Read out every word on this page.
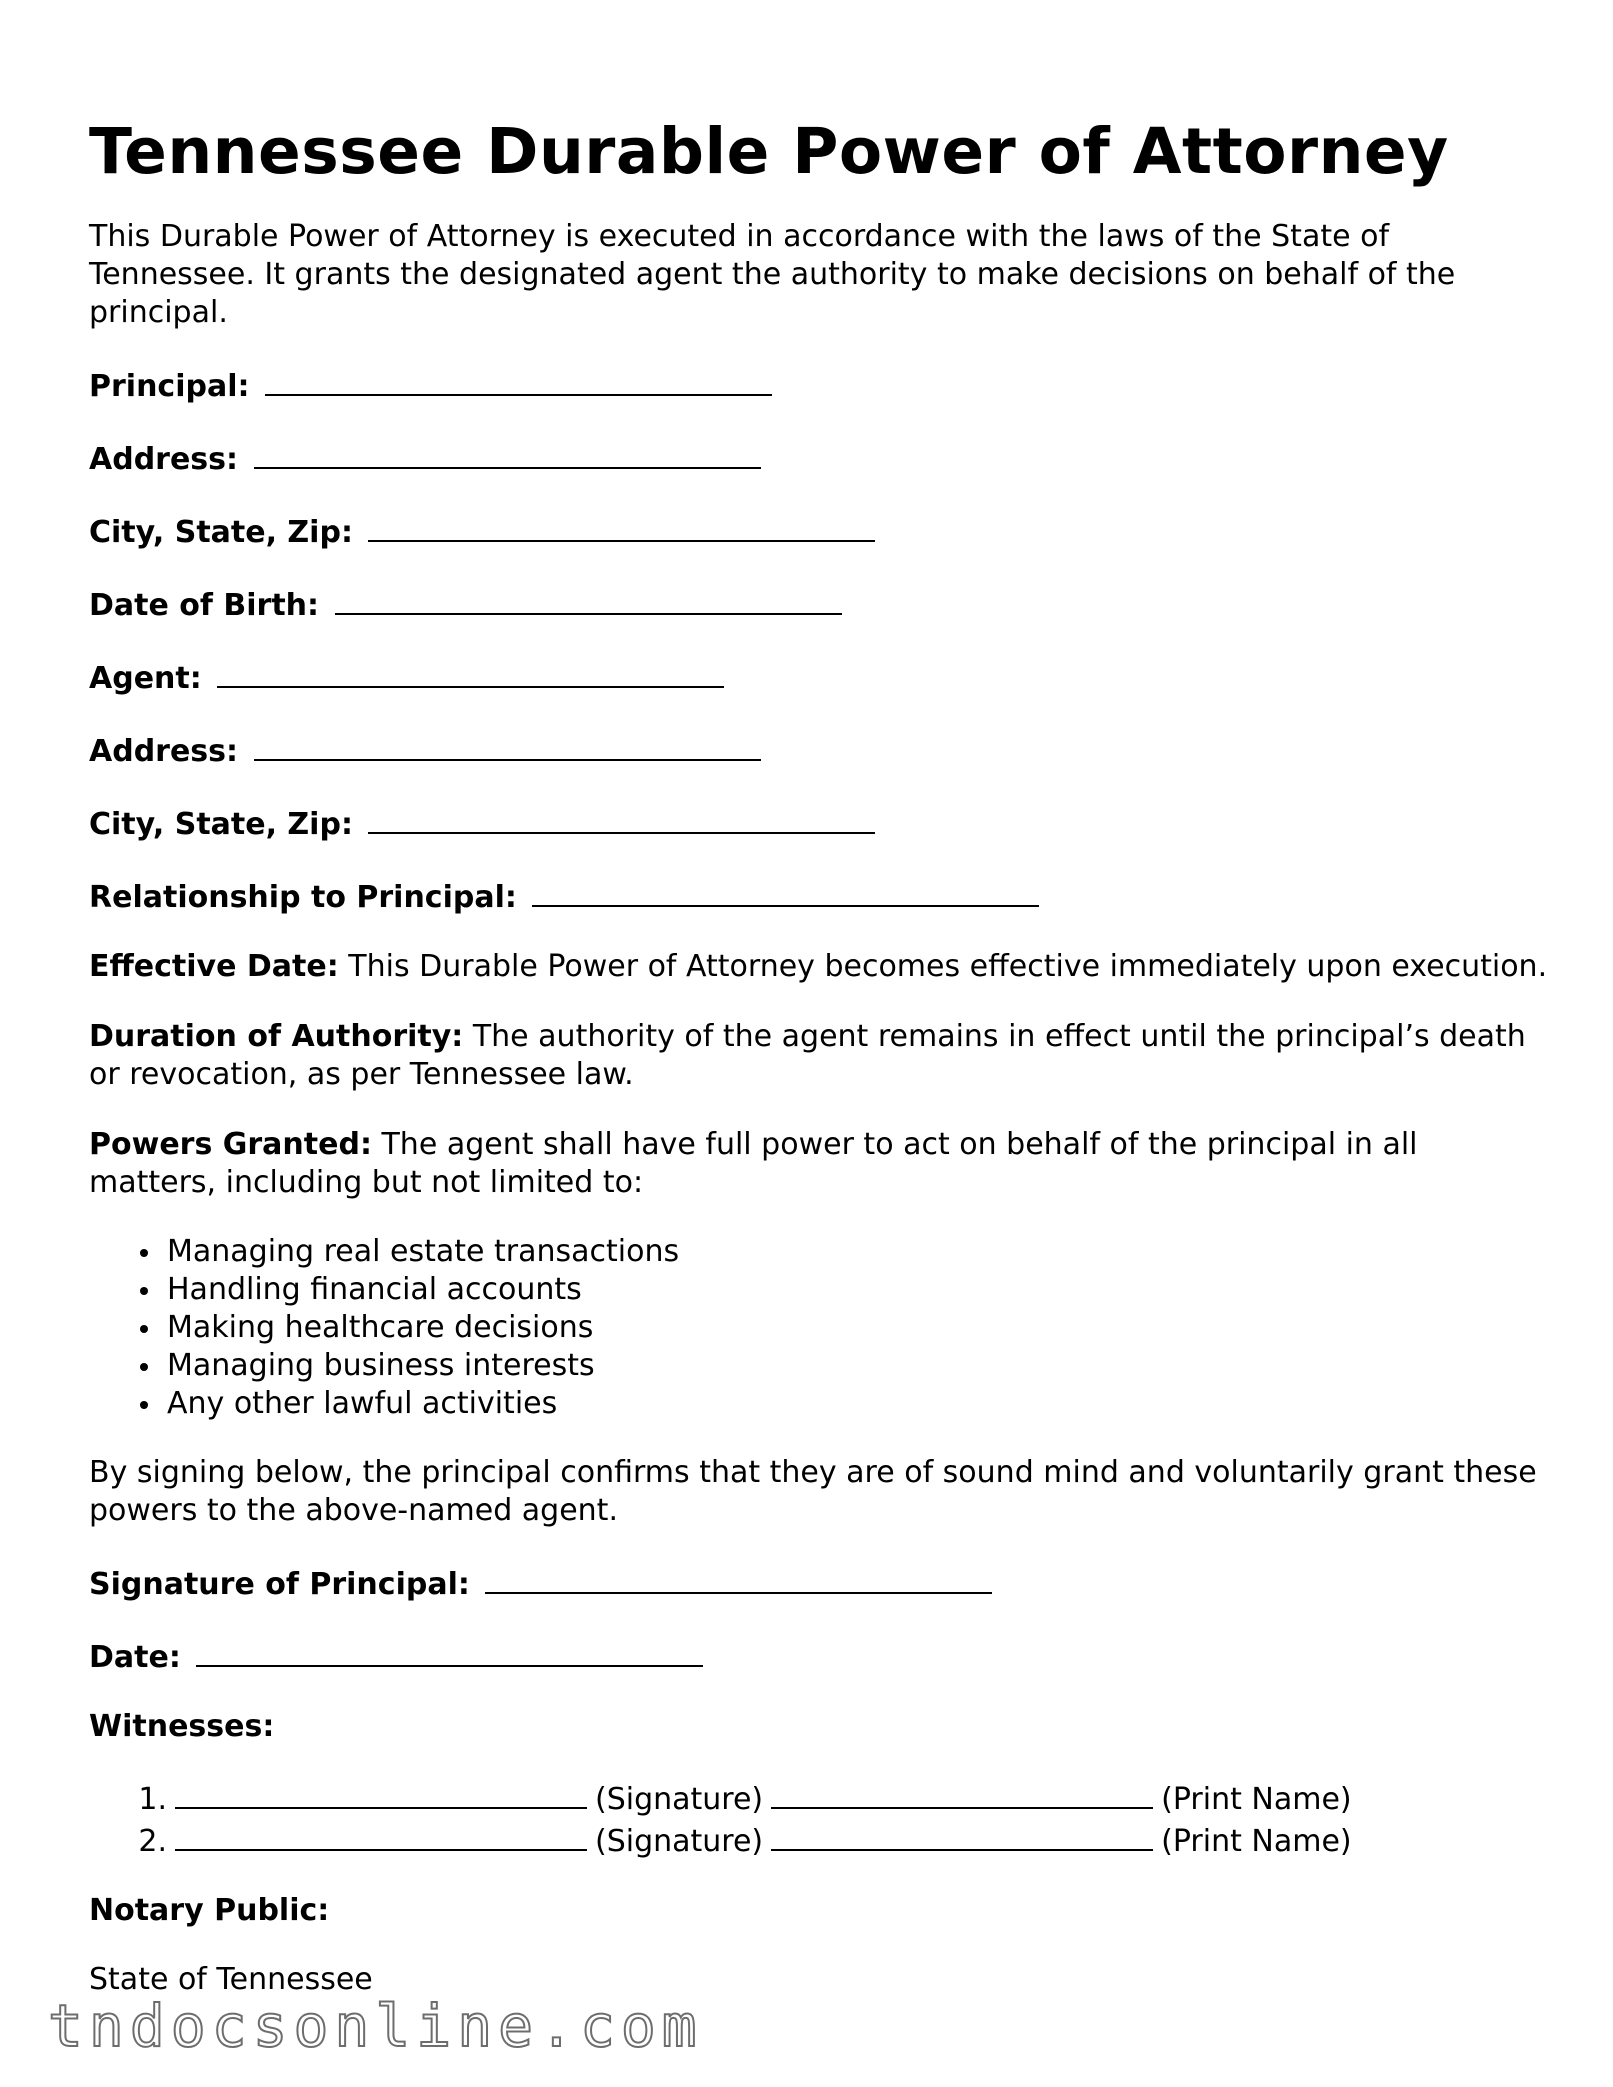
Tennessee Durable Power of Attorney

This Durable Power of Attorney is executed in accordance with the laws of the State of Tennessee. It grants the designated agent the authority to make decisions on behalf of the principal.

Principal:
Address:
City, State, Zip:
Date of Birth:
Agent:
Address:
City, State, Zip:
Relationship to Principal:

Effective Date: This Durable Power of Attorney becomes effective immediately upon execution.

Duration of Authority: The authority of the agent remains in effect until the principal’s death or revocation, as per Tennessee law.

Powers Granted: The agent shall have full power to act on behalf of the principal in all matters, including but not limited to:

Managing real estate transactions
Handling financial accounts
Making healthcare decisions
Managing business interests
Any other lawful activities

By signing below, the principal confirms that they are of sound mind and voluntarily grant these powers to the above-named agent.

Signature of Principal:
Date:
Witnesses:
1.	(Signature)	(Print Name)
2.	(Signature)	(Print Name)
Notary Public:

State of Tennessee

tndocsonline.com
